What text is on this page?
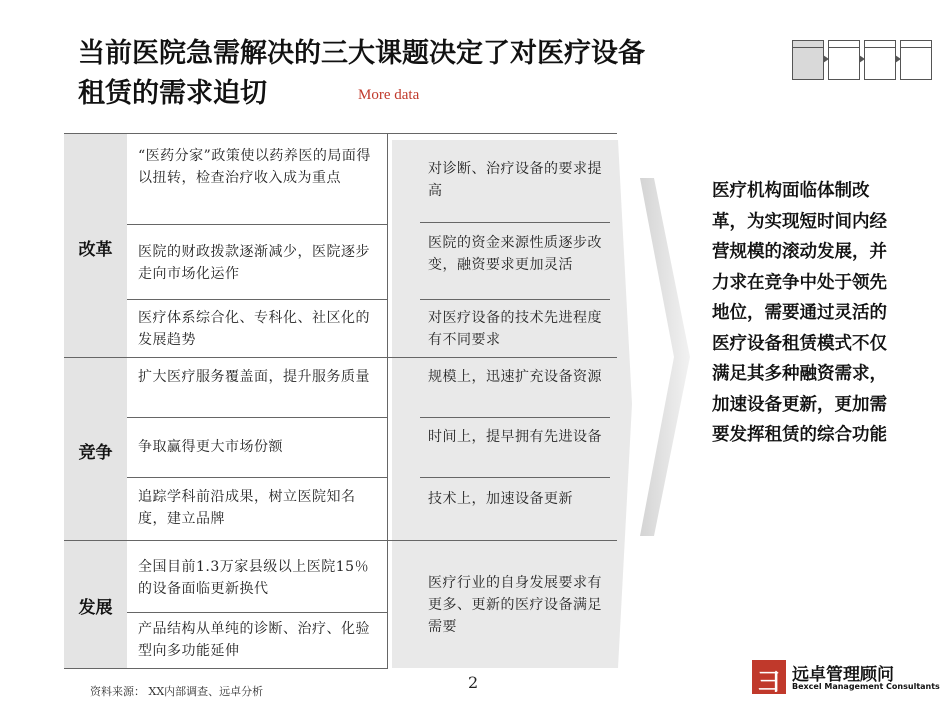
当前医院急需解决的三大课题决定了对医疗设备
租赁的需求迫切	More data
改革
竞争
发展
“医药分家”政策使以药养医的局面得以扭转，检查治疗收入成为重点
医院的财政拨款逐渐减少，医院逐步走向市场化运作
医疗体系综合化、专科化、社区化的发展趋势
扩大医疗服务覆盖面，提升服务质量
争取赢得更大市场份额
追踪学科前沿成果，树立医院知名度，建立品牌
全国目前1.3万家县级以上医院15％的设备面临更新换代
产品结构从单纯的诊断、治疗、化验型向多功能延伸
对诊断、治疗设备的要求提高
医院的资金来源性质逐步改变，融资要求更加灵活
对医疗设备的技术先进程度有不同要求
规模上，迅速扩充设备资源
时间上，提早拥有先进设备
技术上，加速设备更新
医疗行业的自身发展要求有更多、更新的医疗设备满足需要
医疗机构面临体制改革，为实现短时间内经营规模的滚动发展，并力求在竞争中处于领先地位，需要通过灵活的医疗设备租赁模式不仅满足其多种融资需求，加速设备更新，更加需要发挥租赁的综合功能
2
资料来源： XX内部调查、远卓分析	彐 远卓管理顾问
Bexcel Management Consultants
